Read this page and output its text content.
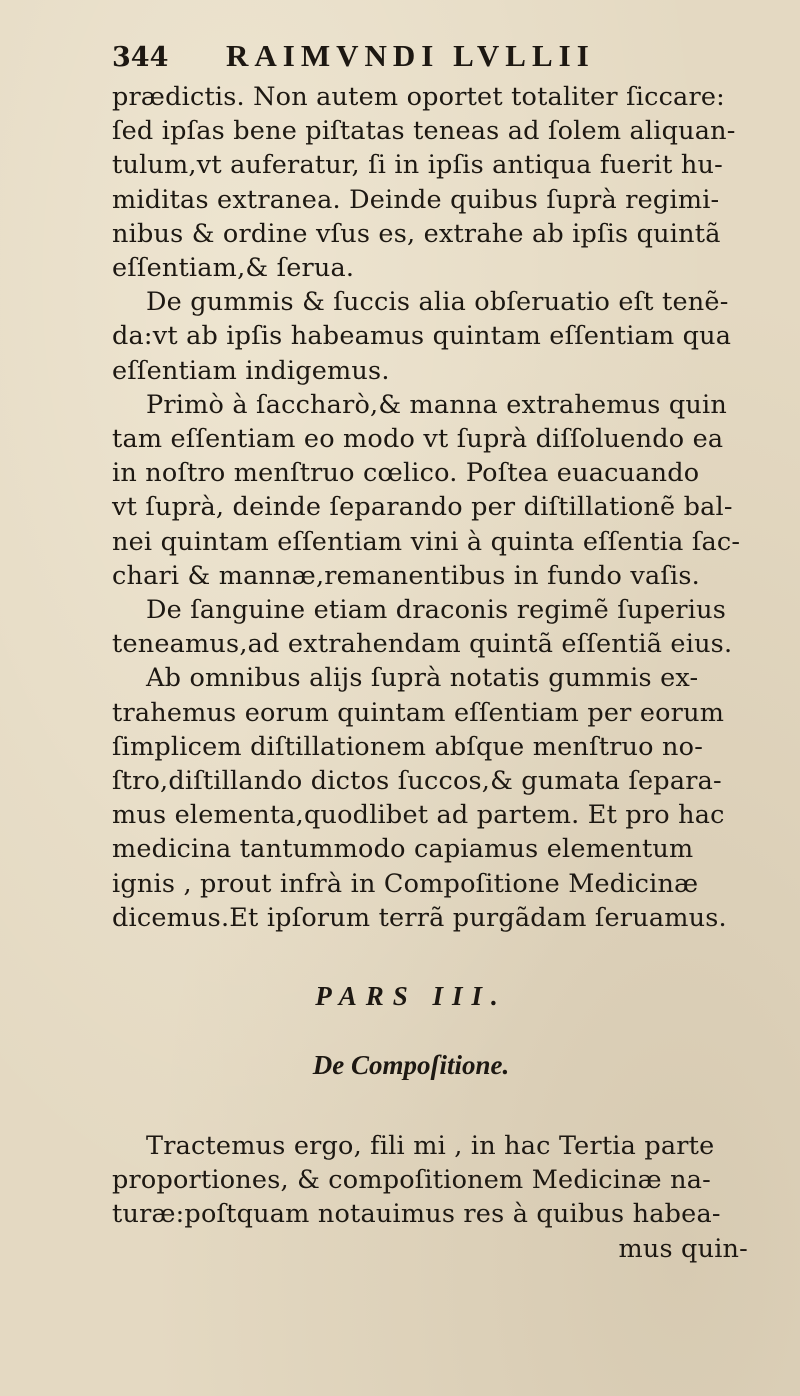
344 RAIMVNDI LVLLII
prædictis. Non autem oportet totaliter ſiccare:
ſed ipſas bene piſtatas teneas ad ſolem aliquan-
tulum,vt auferatur, ſi in ipſis antiqua fuerit hu-
miditas extranea. Deinde quibus ſuprà regimi-
nibus & ordine vſus es, extrahe ab ipſis quintã
eſſentiam,& ſerua.
De gummis & ſuccis alia obſeruatio eſt tenẽ-
da:vt ab ipſis habeamus quintam eſſentiam qua
eſſentiam indigemus.
Primò à ſaccharò,& manna extrahemus quin
tam eſſentiam eo modo vt ſuprà diſſoluendo ea
in noſtro menſtruo cœlico. Poſtea euacuando
vt ſuprà, deinde ſeparando per diſtillationẽ bal-
nei quintam eſſentiam vini à quinta eſſentia ſac-
chari & mannæ,remanentibus in fundo vaſis.
De ſanguine etiam draconis regimẽ ſuperius
teneamus,ad extrahendam quintã eſſentiã eius.
Ab omnibus alijs ſuprà notatis gummis ex-
trahemus eorum quintam eſſentiam per eorum
ſimplicem diſtillationem abſque menſtruo no-
ſtro,diſtillando dictos ſuccos,& gumata ſepara-
mus elementa,quodlibet ad partem. Et pro hac
medicina tantummodo capiamus elementum
ignis , prout infrà in Compoſitione Medicinæ
dicemus.Et ipſorum terrã purgãdam ſeruamus.
PARS III.
De Compoſitione.
Tractemus ergo, fili mi , in hac Tertia parte
proportiones, & compoſitionem Medicinæ na-
turæ:poſtquam notauimus res à quibus habea-
mus quin-
